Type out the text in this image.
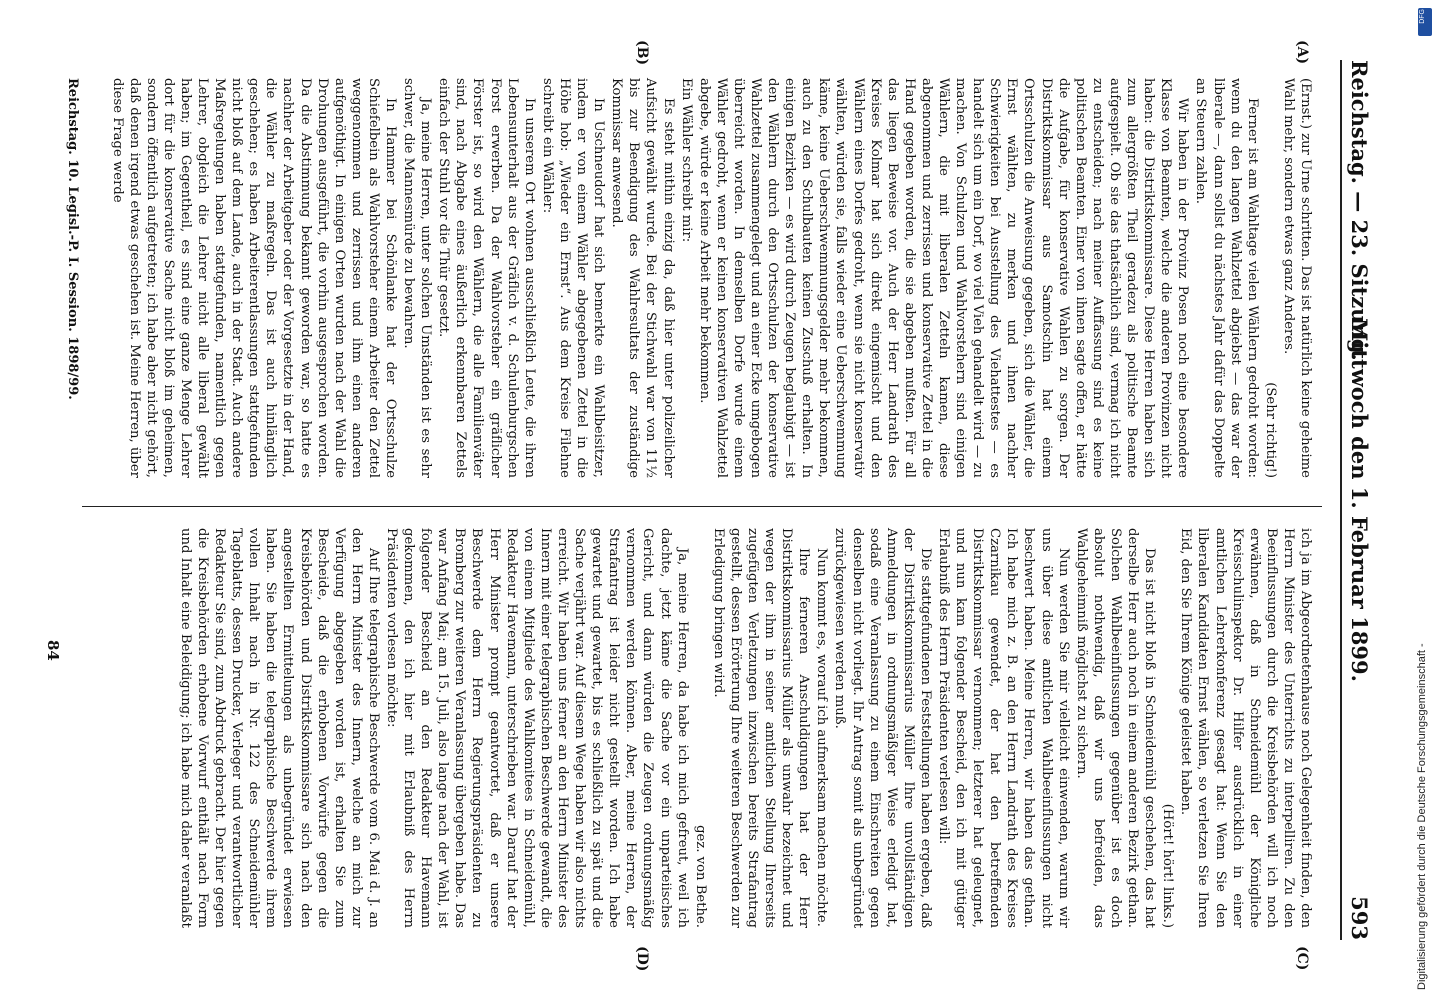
Reichstag. — 23. Sitzung.
Mittwoch den 1. Februar 1899.
593
(A)
(B)
(C)
(D)

(Ernst.) zur Urne schritten. Das ist natürlich keine geheime Wahl mehr, sondern etwas ganz Anderes.

(Sehr richtig!)

Ferner ist am Wahltage vielen Wählern gedroht worden: wenn du den langen Wahlzettel abgiebst — das war der liberale —, dann sollst du nächstes Jahr dafür das Doppelte an Steuern zahlen.

Wir haben in der Provinz Posen noch eine besondere Klasse von Beamten, welche die anderen Provinzen nicht haben: die Distriktskommissare. Diese Herren haben sich zum allergrößten Theil geradezu als politische Beamte aufgespielt. Ob sie das thatsächlich sind, vermag ich nicht zu entscheiden; nach meiner Auffassung sind es keine politischen Beamten. Einer von ihnen sagte offen, er hätte die Aufgabe, für konservative Wahlen zu sorgen. Der Distriktskommissar aus Samotschin hat einem Ortsschulzen die Anweisung gegeben, sich die Wähler, die Ernst wählten, zu merken und ihnen nachher Schwierigkeiten bei Ausstellung des Viehattestes — es handelt sich um ein Dorf, wo viel Vieh gehandelt wird — zu machen. Von Schulzen und Wahlvorstehern sind einigen Wählern, die mit liberalen Zetteln kamen, diese abgenommen und zerrissen und konservative Zettel in die Hand gegeben worden, die sie abgeben mußten. Für all das liegen Beweise vor. Auch der Herr Landrath des Kreises Kolmar hat sich direkt eingemischt und den Wählern eines Dorfes gedroht, wenn sie nicht konservativ wählten, würden sie, falls wieder eine Ueberschwemmung käme, keine Ueberschwemmungsgelder mehr bekommen, auch zu den Schulbauten keinen Zuschuß erhalten. In einigen Bezirken — es wird durch Zeugen beglaubigt — ist den Wählern durch den Ortsschulzen der konservative Wahlzettel zusammengelegt und an einer Ecke umgebogen überreicht worden. In demselben Dorfe wurde einem Wähler gedroht, wenn er keinen konservativen Wahlzettel abgebe, würde er keine Arbeit mehr bekommen.

Ein Wähler schreibt mir:

Es steht mithin einzig da, daß hier unter polizeilicher Aufsicht gewählt wurde. Bei der Stichwahl war von 11½ bis zur Beendigung des Wahlresultats der zuständige Kommissar anwesend.

In Uschneudorf hat sich bemerkte ein Wahlbeisitzer, indem er von einem Wähler abgegebenen Zettel in die Höhe hob: „Wieder ein Ernst“. Aus dem Kreise Filehne schreibt ein Wähler:

In unserem Ort wohnen ausschließlich Leute, die ihren Lebensunterhalt aus der Gräflich v. d. Schulenburgschen Forst erwerben. Da der Wahlvorsteher ein gräflicher Förster ist, so wird den Wählern, die alle Familienväter sind, nach Abgabe eines äußerlich erkennbaren Zettels einfach der Stuhl vor die Thür gesetzt.

Ja, meine Herren, unter solchen Umständen ist es sehr schwer, die Mannesmürde zu bewahren.

In Hammer bei Schönlanke hat der Ortsschulze Schiefelbein als Wahlvorsteher einem Arbeiter den Zettel weggenommen und zerrissen und ihm einen anderen aufgenöthigt. In einigen Orten wurden nach der Wahl die Drohungen ausgeführt, die vorhin ausgesprochen worden. Da die Abstimmung bekannt geworden war, so hatte es nachher der Arbeitgeber oder der Vorgesetzte in der Hand, die Wähler zu maßregeln. Das ist auch hinlänglich geschehen; es haben Arbeiterentlassungen stattgefunden nicht bloß auf dem Lande, auch in der Stadt. Auch andere Maßregelungen haben stattgefunden, namentlich gegen Lehrer, obgleich die Lehrer nicht alle liberal gewählt haben; im Gegentheil, es sind eine ganze Menge Lehrer dort für die konservative Sache nicht bloß im geheimen, sondern öffentlich aufgetreten; ich habe aber nicht gehört, daß denen irgend etwas geschehen ist. Meine Herren, über diese Frage werde

ich ja im Abgeordnetenhause noch Gelegenheit finden, den Herrn Minister des Unterrichts zu interpelliren. Zu den Beeinflussungen durch die Kreisbehörden will ich noch erwähnen, daß in Schneidemühl der Königliche Kreisschulinspektor Dr. Hilfer ausdrücklich in einer amtlichen Lehrerkonferenz gesagt hat: Wenn Sie den liberalen Kandidaten Ernst wählen, so verletzen Sie Ihren Eid, den Sie Ihrem Könige geleistet haben.

(Hört! hört! links.)

Das ist nicht bloß in Schneidemühl geschehen, das hat derselbe Herr auch noch in einem anderen Bezirk gethan. Solchen Wahlbeeinflussungen gegenüber ist es doch absolut nothwendig, daß wir uns befreiden, das Wahlgeheimniß möglichst zu sichern.

Nun werden Sie mir vielleicht einwenden, warum wir uns über diese amtlichen Wahlbeeinflussungen nicht beschwert haben. Meine Herren, wir haben das gethan. Ich habe mich z. B. an den Herrn Landrath des Kreises Czarnikau gewendet, der hat den betreffenden Distriktskommissar vernommen; letzterer hat geleugnet, und nun kam folgender Bescheid, den ich mit gütiger Erlaubniß des Herrn Präsidenten verlesen will:

Die stattgefundenen Feststellungen haben ergeben, daß der Distriktskommissarius Müller Ihre unvollständigen Anmeldungen in ordnungsmäßiger Weise erledigt hat, sodaß eine Veranlassung zu einem Einschreiten gegen denselben nicht vorliegt. Ihr Antrag somit als unbegründet zurückgewiesen werden muß.

Nun kommt es, worauf ich aufmerksam machen möchte.

Ihre ferneren Anschuldigungen hat der Herr Distriktskommissarius Müller als unwahr bezeichnet und wegen der ihm in seiner amtlichen Stellung Ihrerseits zugefügten Verletzungen inzwischen bereits Strafantrag gestellt, dessen Erörterung Ihre weiteren Beschwerden zur Erledigung bringen wird.

gez. von Bethe.

Ja, meine Herren, da habe ich mich gefreut, weil ich dachte, jetzt käme die Sache vor ein unparteiisches Gericht, und dann würden die Zeugen ordnungsmäßig vernommen werden können. Aber, meine Herren, der Strafantrag ist leider nicht gestellt worden. Ich habe gewartet und gewartet, bis es schließlich zu spät und die Sache verjährt war. Auf diesem Wege haben wir also nichts erreicht. Wir haben uns ferner an den Herrn Minister des Innern mit einer telegraphischen Beschwerde gewandt, die von einem Mitgliede des Wahlkomitees in Schneidemühl, Redakteur Havemann, unterschrieben war. Darauf hat der Herr Minister prompt geantwortet, daß er unsere Beschwerde dem Herrn Regierungspräsidenten zu Bromberg zur weiteren Veranlassung übergeben habe. Das war Anfang Mai; am 15. Juli, also lange nach der Wahl, ist folgender Bescheid an den Redakteur Havemann gekommen, den ich hier mit Erlaubniß des Herrn Präsidenten vorlesen möchte:

Auf Ihre telegraphische Beschwerde vom 6. Mai d. J. an den Herrn Minister des Innern, welche an mich zur Verfügung abgegeben worden ist, erhalten Sie zum Bescheide, daß die erhobenen Vorwürfe gegen die Kreisbehörden und Distriktskommissare sich nach den angestellten Ermittelungen als unbegründet erwiesen haben. Sie haben die telegraphische Beschwerde ihrem vollen Inhalt nach in Nr. 122 des Schneidemühler Tageblatts, dessen Drucker, Verleger und verantwortlicher Redakteur Sie sind, zum Abdruck gebracht. Der hier gegen die Kreisbehörden erhobene Vorwurf enthält nach Form und Inhalt eine Beleidigung; ich habe mich daher veranlaßt

Reichstag. 10. Legisl.-P. I. Session. 1898/99.
84	Digitalisierung gefördert durch die Deutsche Forschungsgemeinschaft -
DFG
